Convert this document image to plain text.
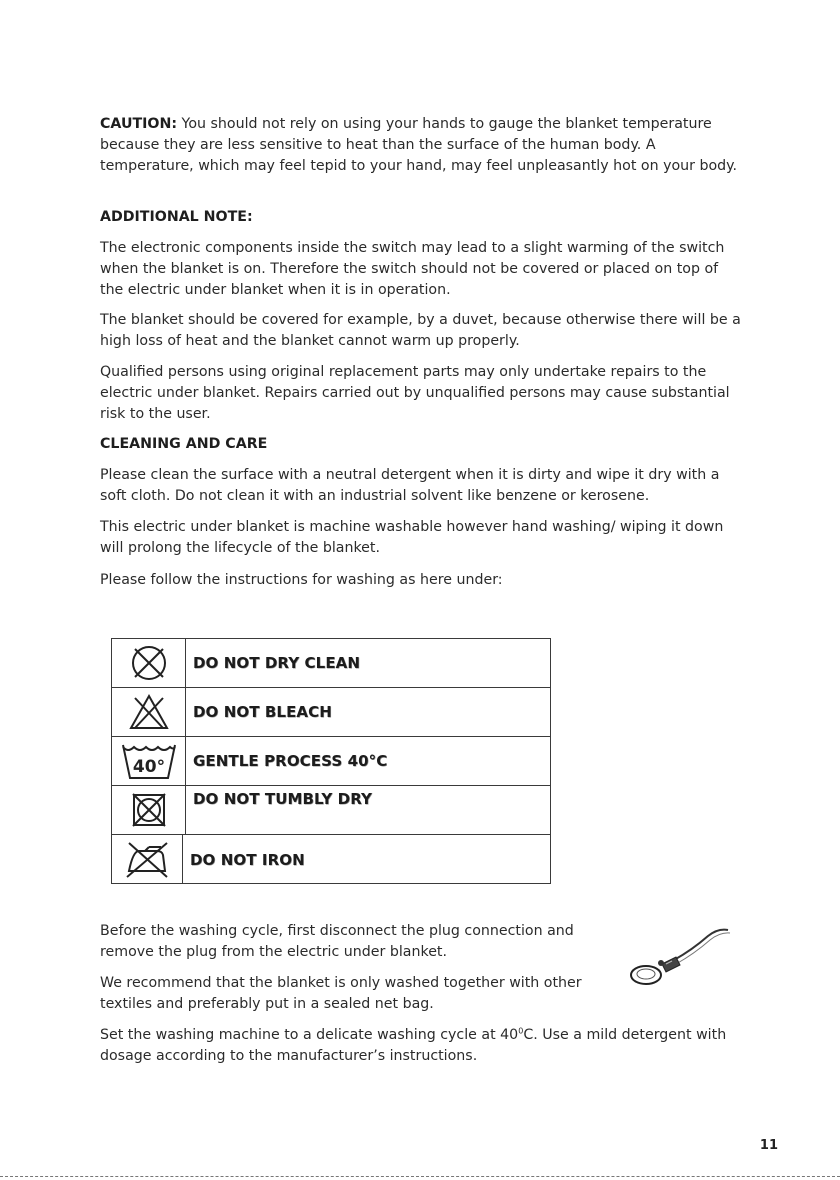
CAUTION: You should not rely on using your hands to gauge the blanket temperature because they are less sensitive to heat than the surface of the human body. A temperature, which may feel tepid to your hand, may feel unpleasantly hot on your body.

ADDITIONAL NOTE:
The electronic components inside the switch may lead to a slight warming of the switch when the blanket is on. Therefore the switch should not be covered or placed on top of the electric under blanket when it is in operation.
The blanket should be covered for example, by a duvet, because otherwise there will be a high loss of heat and the blanket cannot warm up properly.
Qualified persons using original replacement parts may only undertake repairs to the electric under blanket. Repairs carried out by unqualified persons may cause substantial risk to the user.
CLEANING AND CARE
Please clean the surface with a neutral detergent when it is dirty and wipe it dry with a soft cloth. Do not clean it with an industrial solvent like benzene or kerosene.
This electric under blanket is machine washable however hand washing/ wiping it down will prolong the lifecycle of the blanket.
Please follow the instructions for washing as here under:
DO NOT DRY CLEAN
DO NOT BLEACH
40° GENTLE PROCESS 40°C
DO NOT TUMBLY DRY
DO NOT IRON
Before the washing cycle, first disconnect the plug connection and remove the plug from the electric under blanket.
We recommend that the blanket is only washed together with other textiles and preferably put in a sealed net bag.
Set the washing machine to a delicate washing cycle at $40^0C$. Use a mild detergent with dosage according to the manufacturer’s instructions.
11
